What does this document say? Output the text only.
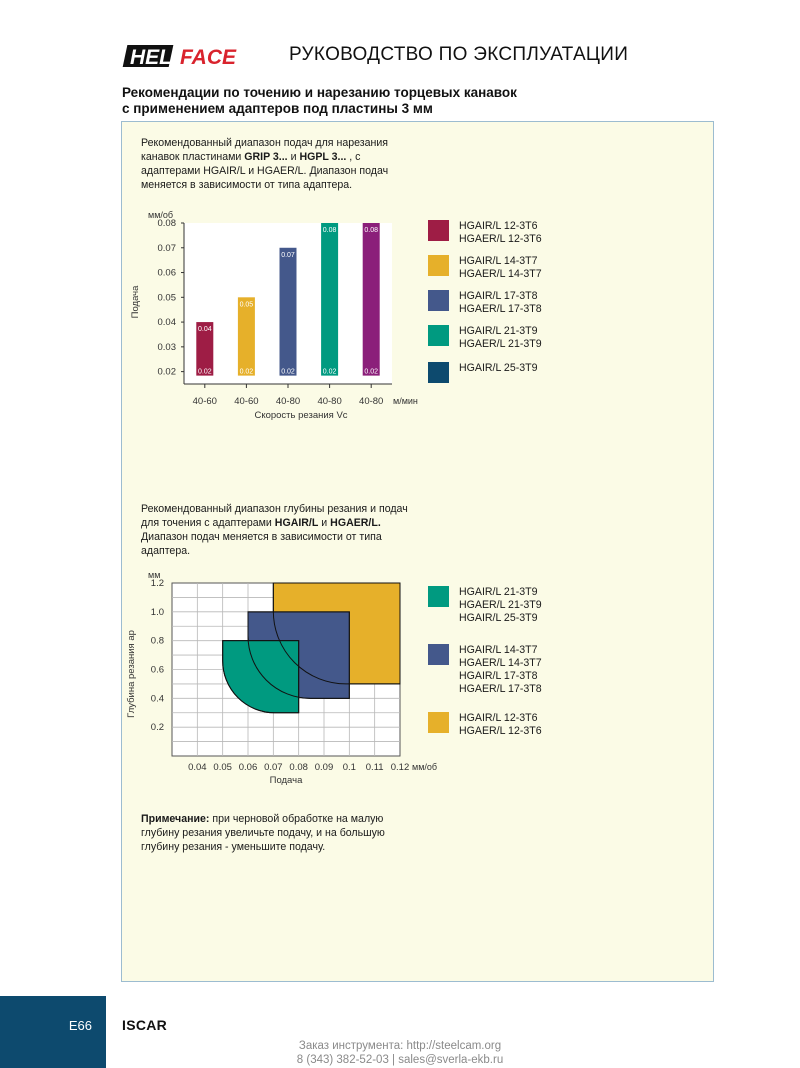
HELI FACE	РУКОВОДСТВО ПО ЭКСПЛУАТАЦИИ
Рекомендации по точению и нарезанию торцевых канавок
с применением адаптеров под пластины 3 мм
Рекомендованный диапазон подач для нарезания канавок пластинами GRIP 3... и HGPL 3... , с адаптерами HGAIR/L и HGAER/L. Диапазон подач меняется в зависимости от типа адаптера.
0.02
0.03
0.04
0.05
0.06
0.07
0.08
0.04
0.02
40-60
0.05
0.02
40-60
0.07
0.02
40-80
0.08
0.02
40-80
0.08
0.02
40-80
мм/об
Подача
м/мин
Скорость резания Vc
HGAIR/L 12-3T6
HGAER/L 12-3T6
HGAIR/L 14-3T7
HGAER/L 14-3T7
HGAIR/L 17-3T8
HGAER/L 17-3T8
HGAIR/L 21-3T9
HGAER/L 21-3T9
HGAIR/L 25-3T9
Рекомендованный диапазон глубины резания и подач для точения с адаптерами HGAIR/L и HGAER/L. Диапазон подач меняется в зависимости от типа адаптера.
0.04 0.05 0.06 0.07 0.08 0.09 0.1 0.11 0.12
0.2
0.4
0.6
0.8
1.0
1.2
мм
Глубина резания ар
мм/об
Подача
HGAIR/L 21-3T9
HGAER/L 21-3T9
HGAIR/L 25-3T9
HGAIR/L 14-3T7
HGAER/L 14-3T7
HGAIR/L 17-3T8
HGAER/L 17-3T8
HGAIR/L 12-3T6
HGAER/L 12-3T6
Примечание: при черновой обработке на малую глубину резания увеличьте подачу, и на большую глубину резания - уменьшите подачу.
E66	ISCAR
Заказ инструмента: http://steelcam.org
8 (343) 382-52-03 | sales@sverla-ekb.ru
